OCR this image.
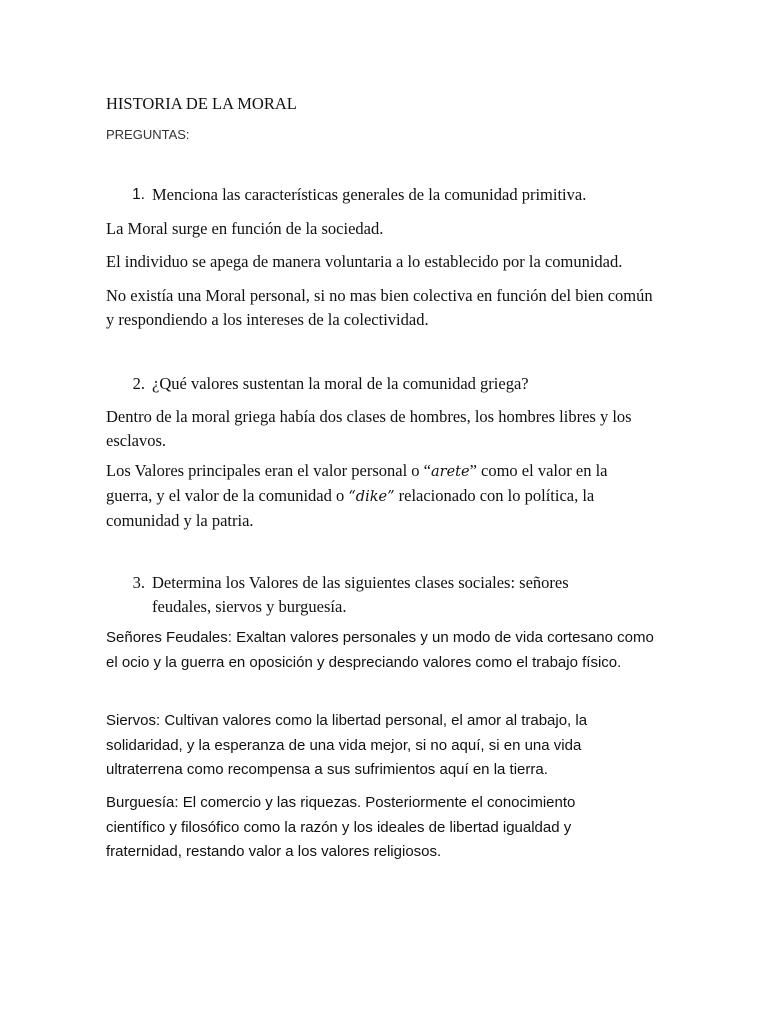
HISTORIA DE LA MORAL

PREGUNTAS:

1. Menciona las características generales de la comunidad primitiva.

La Moral surge en función de la sociedad.

El individuo se apega de manera voluntaria a lo establecido por la comunidad.

No existía una Moral personal, si no mas bien colectiva en función del bien común y respondiendo a los intereses de la colectividad.

2. ¿Qué valores sustentan la moral de la comunidad griega?

Dentro de la moral griega había dos clases de hombres, los hombres libres y los esclavos.

Los Valores principales eran el valor personal o “arete” como el valor en la guerra, y el valor de la comunidad o “dike” relacionado con lo política, la comunidad y la patria.

3. Determina los Valores de las siguientes clases sociales: señores feudales, siervos y burguesía.

Señores Feudales: Exaltan valores personales y un modo de vida cortesano como el ocio y la guerra en oposición y despreciando valores como el trabajo físico.

Siervos: Cultivan valores como la libertad personal, el amor al trabajo, la solidaridad, y la esperanza de una vida mejor, si no aquí, si en una vida ultraterrena como recompensa a sus sufrimientos aquí en la tierra.

Burguesía: El comercio y las riquezas. Posteriormente el conocimiento científico y filosófico como la razón y los ideales de libertad igualdad y fraternidad, restando valor a los valores religiosos.
